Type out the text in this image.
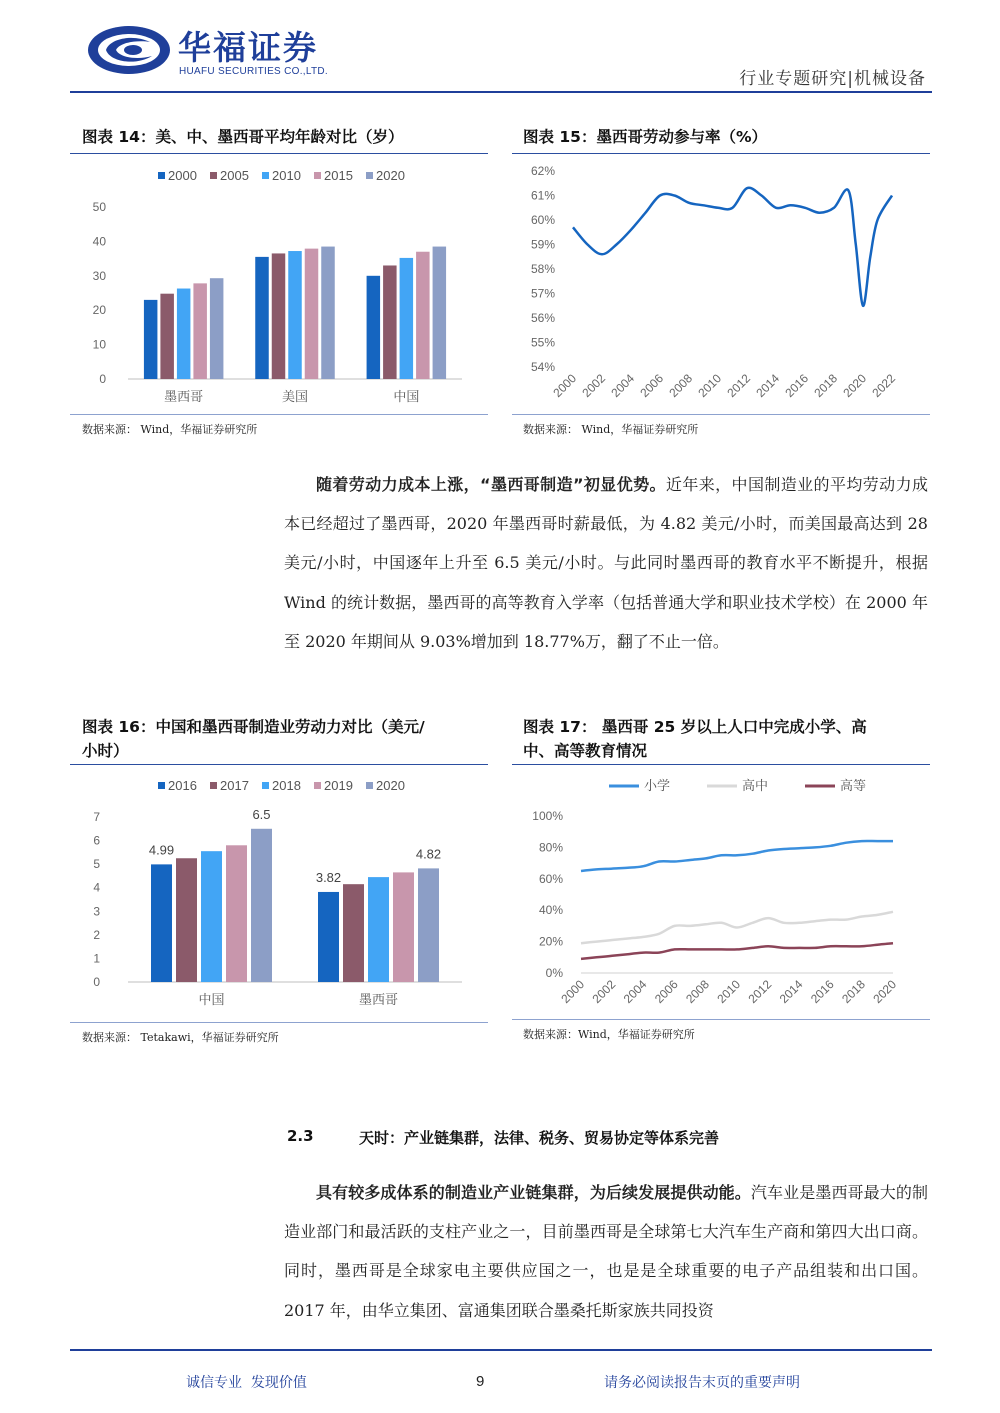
华福证券
HUAFU SECURITIES CO.,LTD.	行业专题研究|机械设备
图表 14：美、中、墨西哥平均年龄对比（岁）
2000 2005 2010 2015 2020
0
10
20
30
40
50
墨西哥	美国	中国
数据来源： Wind，华福证券研究所
图表 15：墨西哥劳动参与率（%）
54%
55%
56%
57%
58%
59%
60%
61%
62%
2000 2002 2004 2006 2008 2010 2012 2014 2016 2018 2020 2022
数据来源： Wind，华福证券研究所
随着劳动力成本上涨，“墨西哥制造”初显优势。近年来，中国制造业的平均劳动力成本已经超过了墨西哥，2020 年墨西哥时薪最低，为 4.82 美元/小时，而美国最高达到 28 美元/小时，中国逐年上升至 6.5 美元/小时。与此同时墨西哥的教育水平不断提升，根据 Wind 的统计数据，墨西哥的高等教育入学率（包括普通大学和职业技术学校）在 2000 年至 2020 年期间从 9.03%增加到 18.77%万，翻了不止一倍。
图表 16：中国和墨西哥制造业劳动力对比（美元/
小时）
2016 2017 2018 2019 2020
0
1
2
3
4
5
6
7
中国	墨西哥
4.99
6.5
3.82
4.82
数据来源： Tetakawi，华福证券研究所
图表 17： 墨西哥 25 岁以上人口中完成小学、高
中、高等教育情况
0%
20%
40%
60%
80%
100%
2000 2002 2004 2006 2008 2010 2012 2014 2016 2018 2020
小学	高中	高等
数据来源：Wind，华福证券研究所
2.3	天时：产业链集群，法律、税务、贸易协定等体系完善
具有较多成体系的制造业产业链集群，为后续发展提供动能。汽车业是墨西哥最大的制造业部门和最活跃的支柱产业之一，目前墨西哥是全球第七大汽车生产商和第四大出口商。同时，墨西哥是全球家电主要供应国之一，也是是全球重要的电子产品组装和出口国。2017 年，由华立集团、富通集团联合墨桑托斯家族共同投资
诚信专业  发现价值	9	请务必阅读报告末页的重要声明
